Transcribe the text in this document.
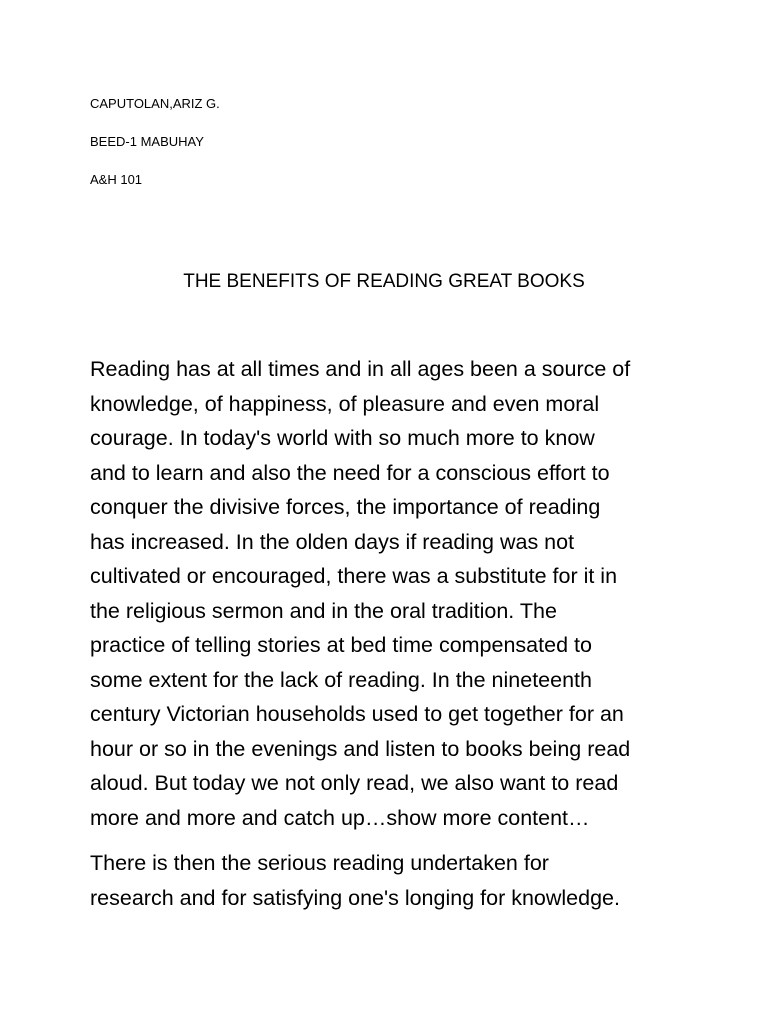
CAPUTOLAN,ARIZ G.
BEED-1 MABUHAY
A&H 101
THE BENEFITS OF READING GREAT BOOKS
Reading has at all times and in all ages been a source of
knowledge, of happiness, of pleasure and even moral
courage. In today's world with so much more to know
and to learn and also the need for a conscious effort to
conquer the divisive forces, the importance of reading
has increased. In the olden days if reading was not
cultivated or encouraged, there was a substitute for it in
the religious sermon and in the oral tradition. The
practice of telling stories at bed time compensated to
some extent for the lack of reading. In the nineteenth
century Victorian households used to get together for an
hour or so in the evenings and listen to books being read
aloud. But today we not only read, we also want to read
more and more and catch up…show more content…
There is then the serious reading undertaken for
research and for satisfying one's longing for knowledge.
